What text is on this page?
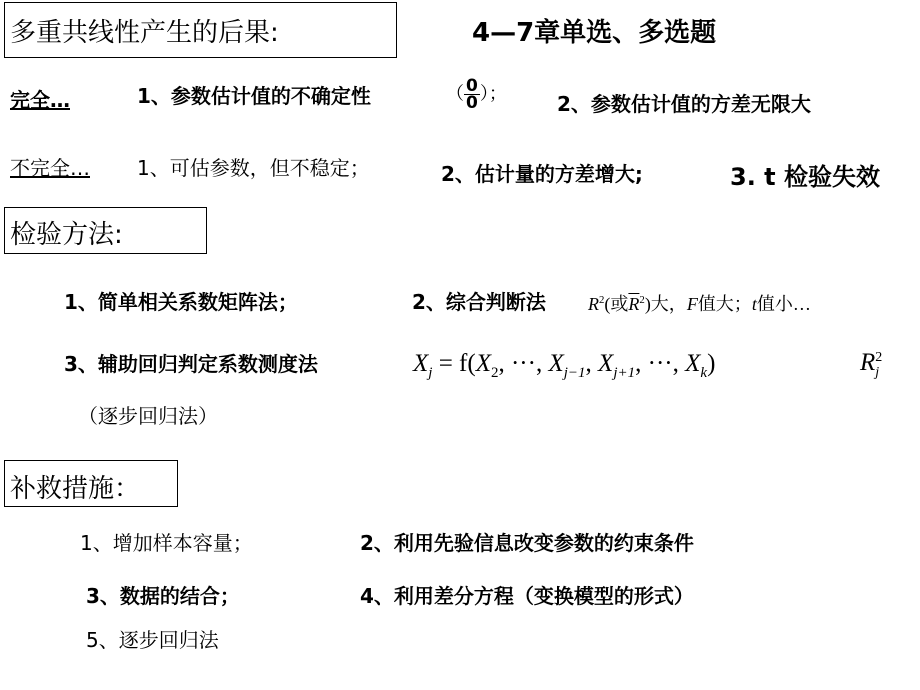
多重共线性产生的后果:	4—7章单选、多选题
完全…	1、参数估计值的不确定性	（ $\frac{0}{0}$ ）；	2、参数估计值的方差无限大
不完全… 1、可估参数，但不稳定；	2、估计量的方差增大;	3. t 检验失效
检验方法:
1、简单相关系数矩阵法；	2、综合判断法 $R^2$(或$\overline{R}^2$)大，F值大；t值小…
3、辅助回归判定系数测度法	$X_j = f(X_2$, ···, $X_{j-1}$, $X_{j+1}$, ···, $X_k$)	R 2
j
（逐步回归法）
补救措施：
1、增加样本容量；	2、利用先验信息改变参数的约束条件
3、数据的结合；	4、利用差分方程（变换模型的形式）
5、逐步回归法
